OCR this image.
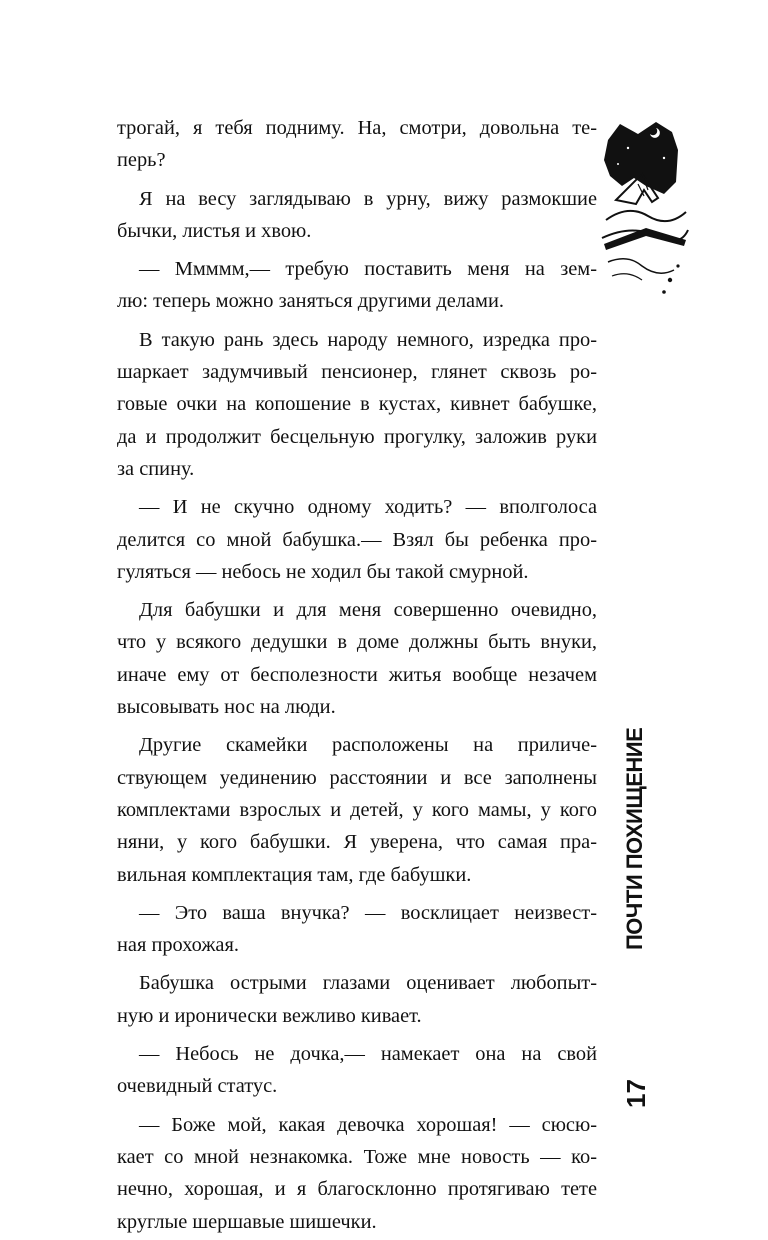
трогай, я тебя подниму. На, смотри, довольна те-
перь?
Я на весу заглядываю в урну, вижу размокшие
бычки, листья и хвою.
— Ммммм,— требую поставить меня на зем-
лю: теперь можно заняться другими делами.
В такую рань здесь народу немного, изредка про-
шаркает задумчивый пенсионер, глянет сквозь ро-
говые очки на копошение в кустах, кивнет бабушке,
да и продолжит бесцельную прогулку, заложив руки
за спину.
— И не скучно одному ходить? — вполголоса
делится со мной бабушка.— Взял бы ребенка про-
гуляться — небось не ходил бы такой смурной.
Для бабушки и для меня совершенно очевидно,
что у всякого дедушки в доме должны быть внуки,
иначе ему от бесполезности житья вообще незачем
высовывать нос на люди.
Другие скамейки расположены на приличе-
ствующем уединению расстоянии и все заполнены
комплектами взрослых и детей, у кого мамы, у кого
няни, у кого бабушки. Я уверена, что самая пра-
вильная комплектация там, где бабушки.
— Это ваша внучка? — восклицает неизвест-
ная прохожая.
Бабушка острыми глазами оценивает любопыт-
ную и иронически вежливо кивает.
— Небось не дочка,— намекает она на свой
очевидный статус.
— Боже мой, какая девочка хорошая! — сюсю-
кает со мной незнакомка. Тоже мне новость — ко-
нечно, хорошая, и я благосклонно протягиваю тете
круглые шершавые шишечки.
ПОЧТИ ПОХИЩЕНИЕ
17
